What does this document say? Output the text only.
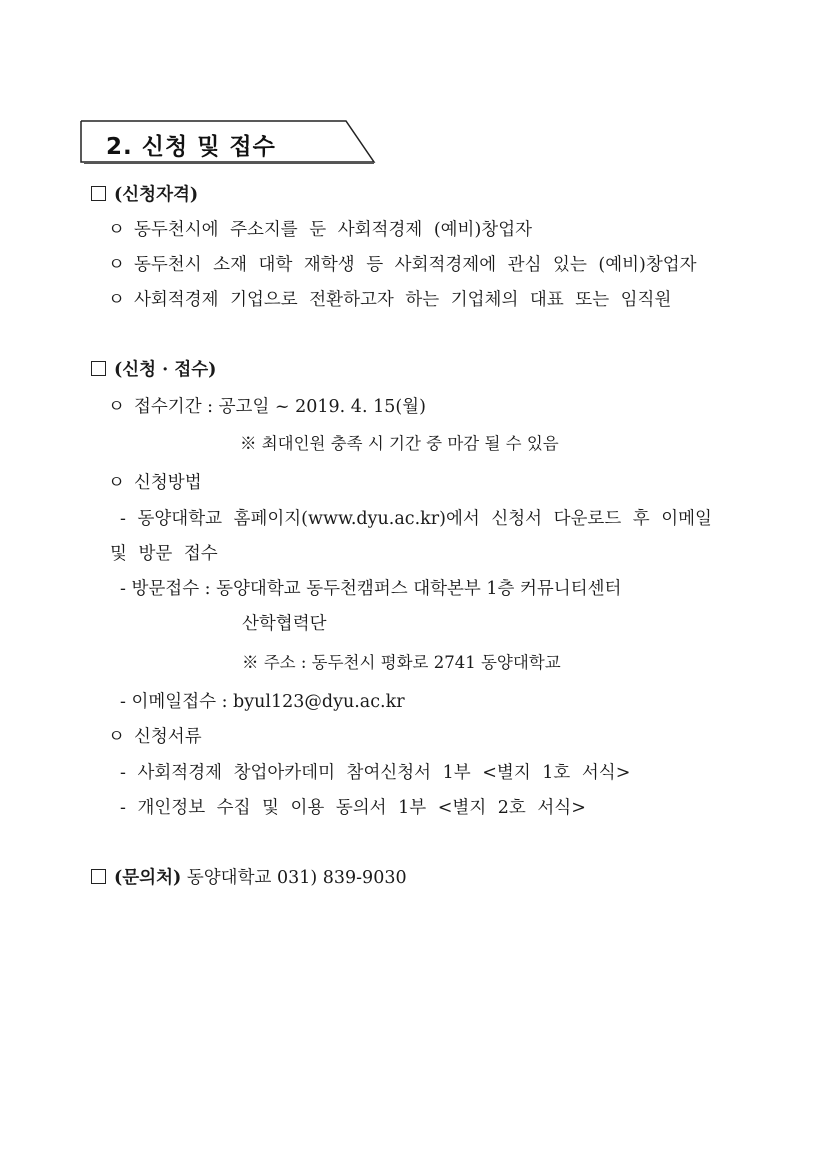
2. 신청 및 접수
(신청자격)
ㅇ 동두천시에 주소지를 둔 사회적경제 (예비)창업자
ㅇ 동두천시 소재 대학 재학생 등 사회적경제에 관심 있는 (예비)창업자
ㅇ 사회적경제 기업으로 전환하고자 하는 기업체의 대표 또는 임직원
(신청 · 접수)
ㅇ 접수기간 : 공고일 ~ 2019. 4. 15(월)
※ 최대인원 충족 시 기간 중 마감 될 수 있음
ㅇ 신청방법
- 동양대학교 홈페이지(www.dyu.ac.kr)에서 신청서 다운로드 후 이메일
및 방문 접수
- 방문접수 : 동양대학교 동두천캠퍼스 대학본부 1층 커뮤니티센터
산학협력단
※ 주소 : 동두천시 평화로 2741 동양대학교
- 이메일접수 : byul123@dyu.ac.kr
ㅇ 신청서류
- 사회적경제 창업아카데미 참여신청서 1부 <별지 1호 서식>
- 개인정보 수집 및 이용 동의서 1부 <별지 2호 서식>
(문의처) 동양대학교 031) 839-9030
